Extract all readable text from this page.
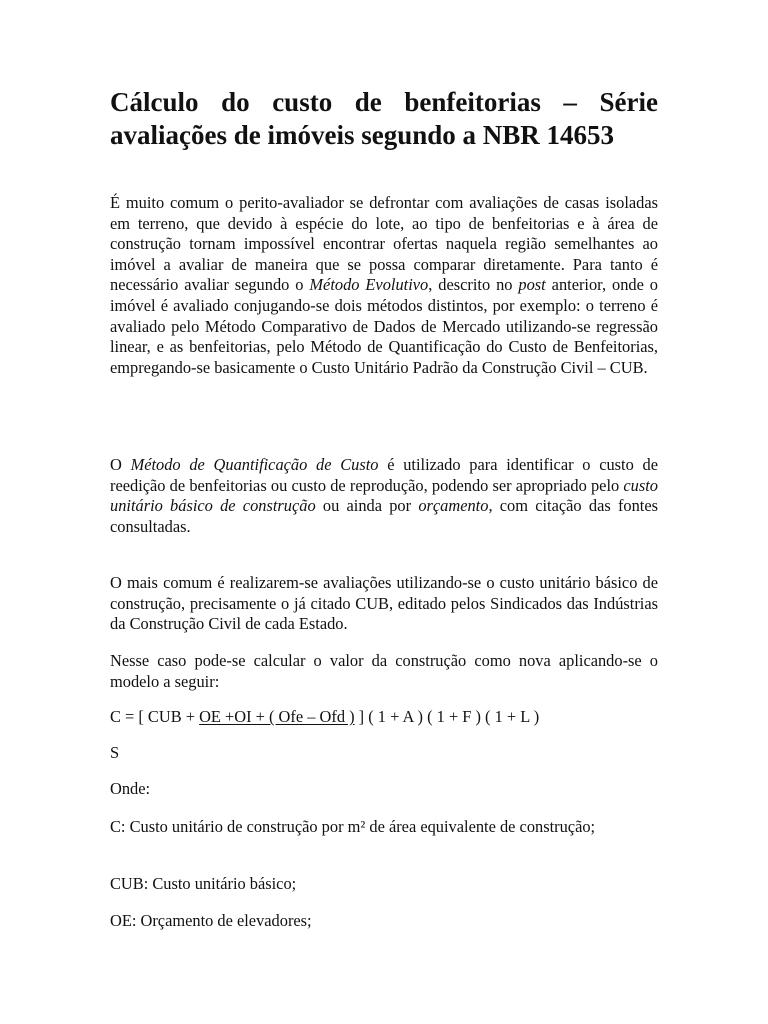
Cálculo do custo de benfeitorias – Série avaliações de imóveis segundo a NBR 14653

É muito comum o perito-avaliador se defrontar com avaliações de casas isoladas em terreno, que devido à espécie do lote, ao tipo de benfeitorias e à área de construção tornam impossível encontrar ofertas naquela região semelhantes ao imóvel a avaliar de maneira que se possa comparar diretamente. Para tanto é necessário avaliar segundo o Método Evolutivo, descrito no post anterior, onde o imóvel é avaliado conjugando-se dois métodos distintos, por exemplo: o terreno é avaliado pelo Método Comparativo de Dados de Mercado utilizando-se regressão linear, e as benfeitorias, pelo Método de Quantificação do Custo de Benfeitorias, empregando-se basicamente o Custo Unitário Padrão da Construção Civil – CUB.

O Método de Quantificação de Custo é utilizado para identificar o custo de reedição de benfeitorias ou custo de reprodução, podendo ser apropriado pelo custo unitário básico de construção ou ainda por orçamento, com citação das fontes consultadas.

O mais comum é realizarem-se avaliações utilizando-se o custo unitário básico de construção, precisamente o já citado CUB, editado pelos Sindicados das Indústrias da Construção Civil de cada Estado.

Nesse caso pode-se calcular o valor da construção como nova aplicando-se o modelo a seguir:

C = [ CUB + OE +OI + ( Ofe – Ofd ) ] ( 1 + A ) ( 1 + F ) ( 1 + L )

S

Onde:

C: Custo unitário de construção por m² de área equivalente de construção;

CUB: Custo unitário básico;

OE: Orçamento de elevadores;
